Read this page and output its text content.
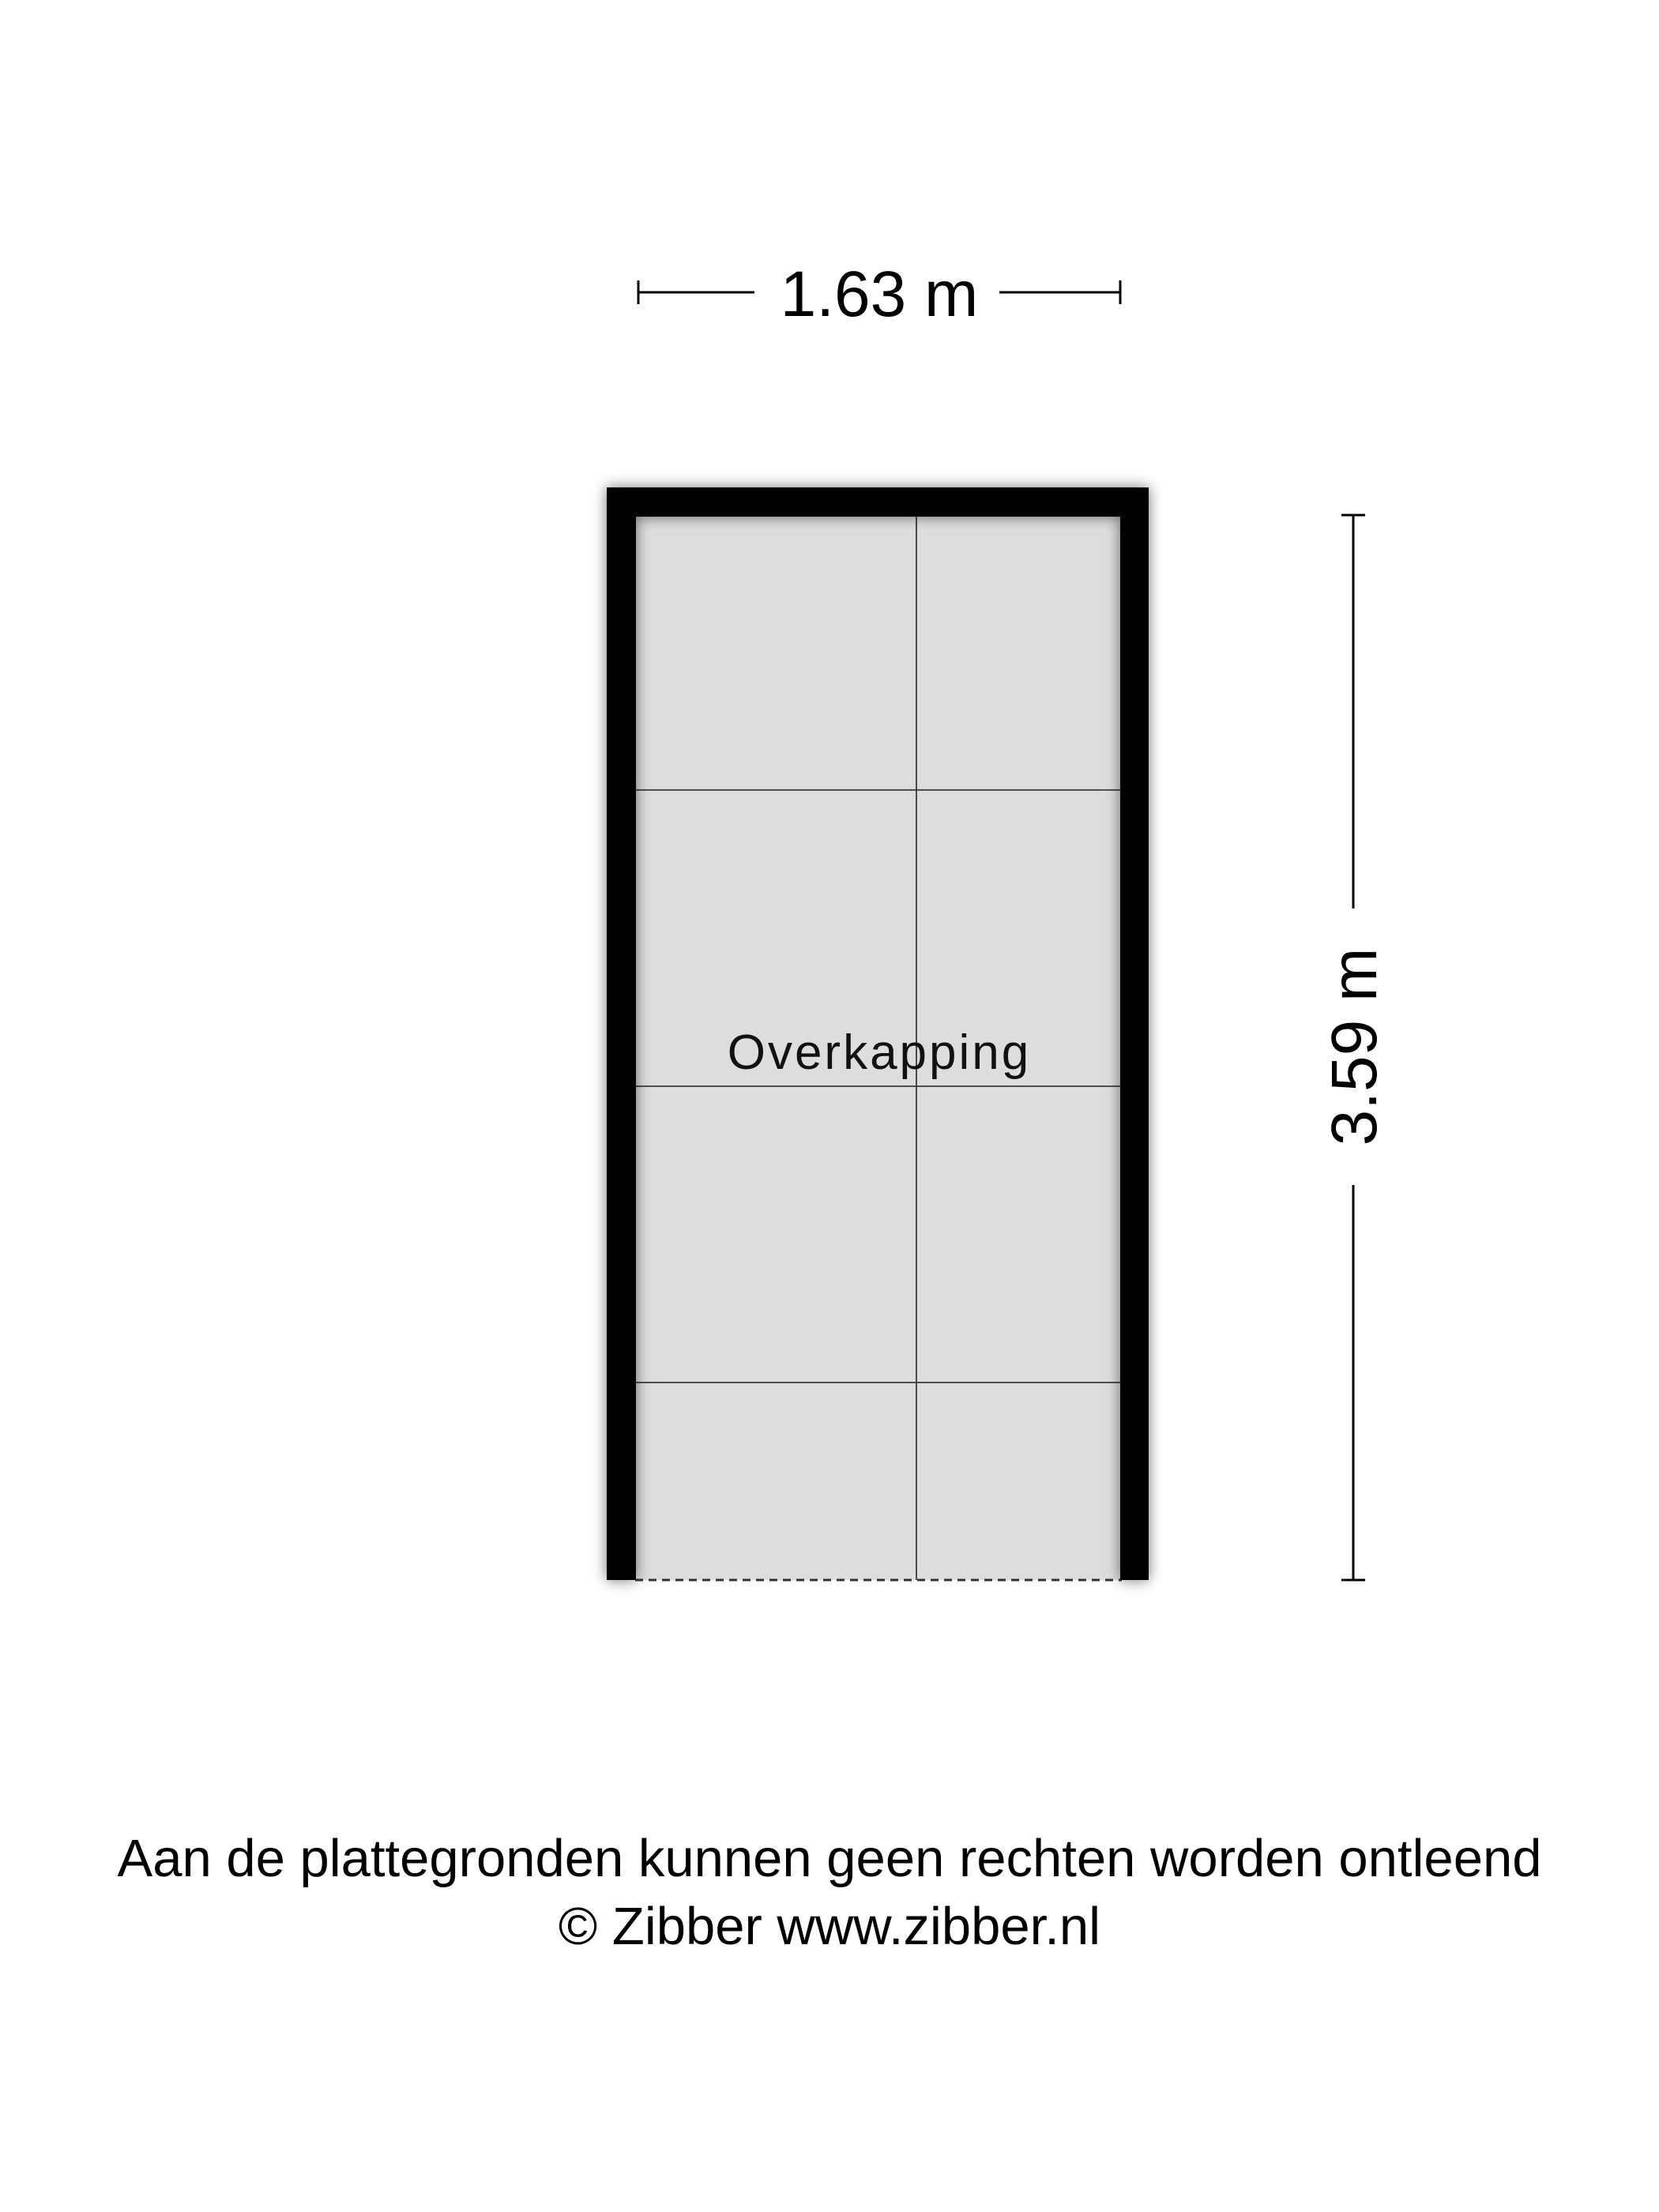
1.63 m
Overkapping	3.59 m
Aan de plattegronden kunnen geen rechten worden ontleend
© Zibber www.zibber.nl
